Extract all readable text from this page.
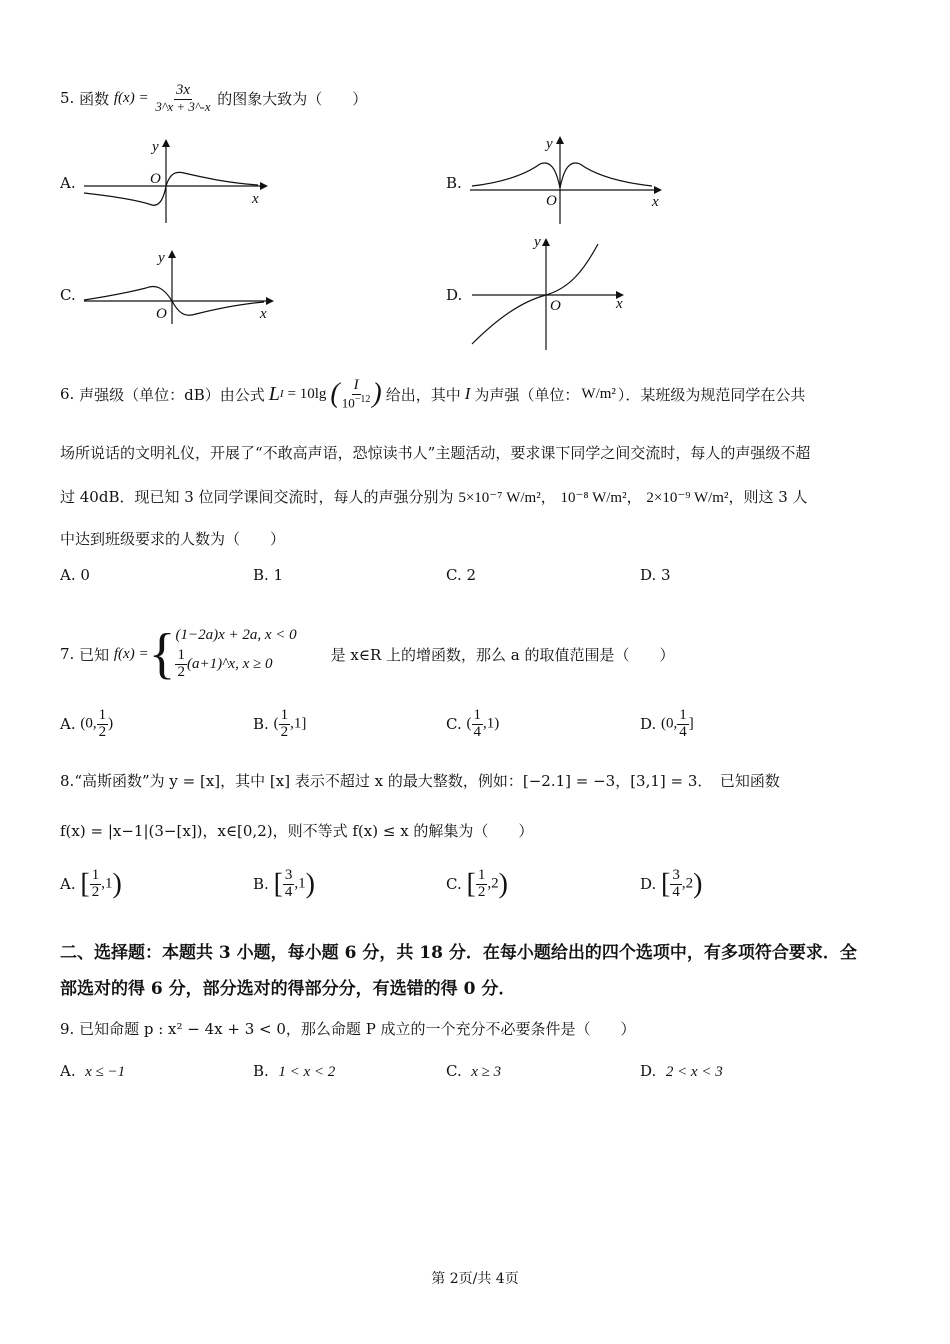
5.
函数
f(x) =
$\frac{3x}{3\^{}x + 3\^{}-x}$
的图象大致为（　　）
A.
y
O
x
B.
y
O	x
C.
y
O	x
D.
y
O	x
6.
声强级（单位：dB）由公式 L I = 10lg ( $\frac{I}{10^{-12}}$ ) 给出，其中 I 为声强（单位： W/m² ）．某班级为规范同学在公共
场所说话的文明礼仪，开展了“不敢高声语，恐惊读书人”主题活动，要求课下同学之间交流时，每人的声强级不超
过 40dB．现已知 3 位同学课间交流时，每人的声强分别为 5×10⁻⁷ W/m²， 10⁻⁸ W/m²， 2×10⁻⁹ W/m²，则这 3 人
中达到班级要求的人数为（　　）
A. 0	B. 1	C. 2	D. 3
7.
已知
f(x) = { (1−2a)x + 2a, x < 0
$\frac{1}{2}$ (a+1)^x, x ≥ 0
是 x∈R 上的增函数，那么 a 的取值范围是（　　）
A.
(0, $\frac{1}{2}$ )	B.
( $\frac{1}{2} ,1$]	C.
( $\frac{1}{4} ,1$)	D.
(0, $\frac{1}{4}$ ]
8.“高斯函数”为 y = [x]，其中 [x] 表示不超过 x 的最大整数，例如：[−2.1] = −3，[3,1] = 3．　已知函数
f(x) = |x−1|(3−[x])，x∈[0,2)，则不等式 f(x) ≤ x 的解集为（　　）
A.
[ $\frac{1}{2} ,1$)	B.
[ $\frac{3}{4} ,1$)	C.
[ $\frac{1}{2} ,2$)	D.
[ $\frac{3}{4} ,2$)
二、选择题：本题共 3 小题，每小题 6 分，共 18 分．在每小题给出的四个选项中，有多项符合要求．全
部选对的得 6 分，部分选对的得部分分，有选错的得 0 分．
9. 已知命题 p : x² − 4x + 3 < 0，那么命题 P 成立的一个充分不必要条件是（　　）
A. x ≤ −1	B. 1 < x < 2	C. x ≥ 3	D. 2 < x < 3
第 2页/共 4页
